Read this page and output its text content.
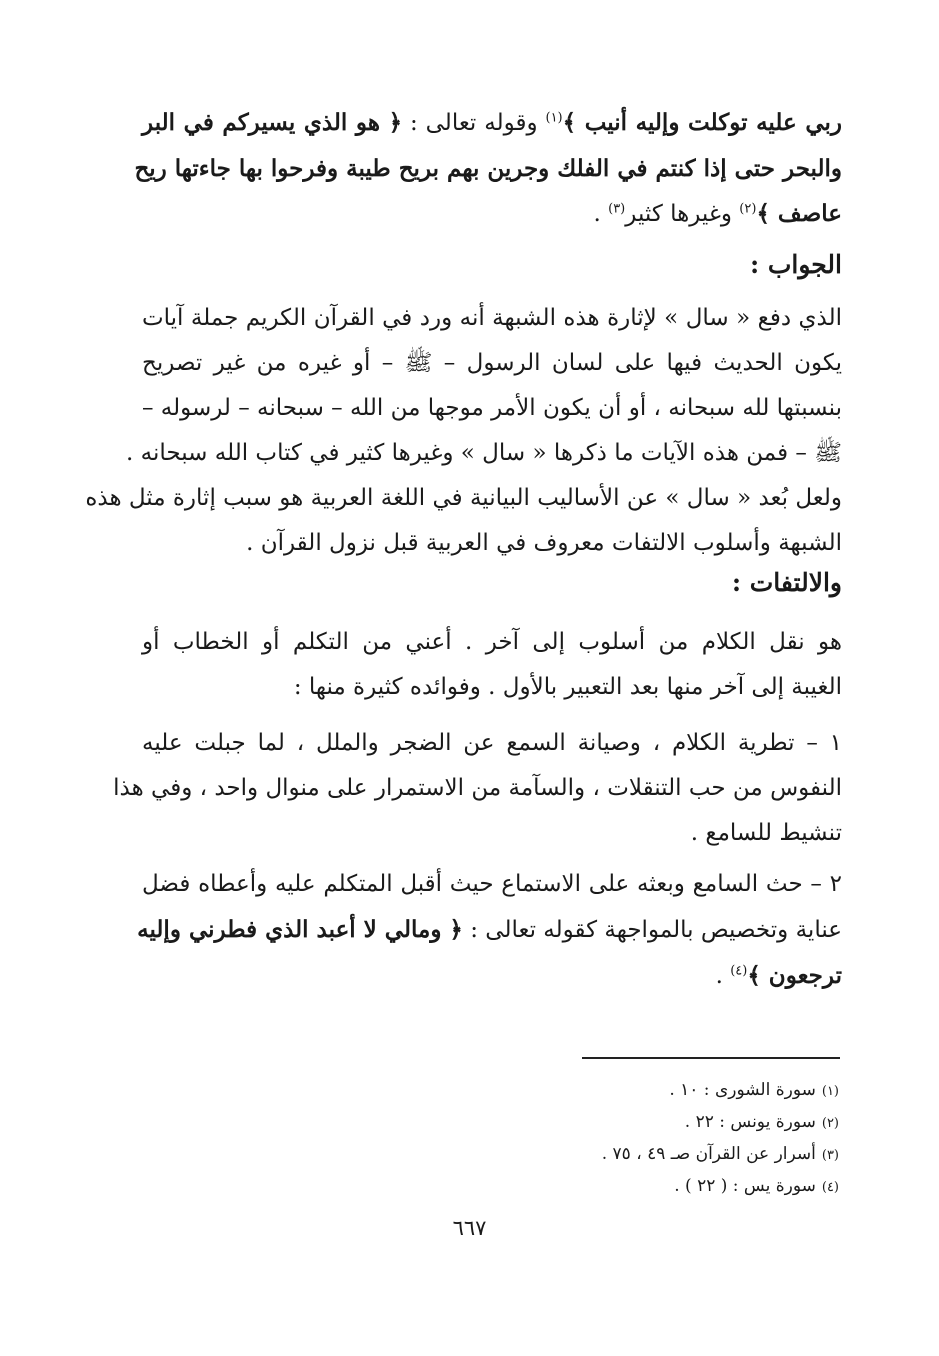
ربي عليه توكلت وإليه أنيب ﴾$^{(١)}$ وقوله تعالى : ﴿ هو الذي يسيركم في البر
والبحر حتى إذا كنتم في الفلك وجرين بهم بريح طيبة وفرحوا بها جاءتها ريح
عاصف ﴾$^{(٢)}$ وغيرها كثير$^{(٣)}$ .
الجواب :
الذي دفع « سال » لإثارة هذه الشبهة أنه ورد في القرآن الكريم جملة آيات
يكون الحديث فيها على لسان الرسول – ﷺ – أو غيره من غير تصريح
بنسبتها لله سبحانه ، أو أن يكون الأمر موجها من الله – سبحانه – لرسوله –
ﷺ – فمن هذه الآيات ما ذكرها « سال » وغيرها كثير في كتاب الله سبحانه .
ولعل بُعد « سال » عن الأساليب البيانية في اللغة العربية هو سبب إثارة مثل هذه
الشبهة وأسلوب الالتفات معروف في العربية قبل نزول القرآن .
والالتفات :
هو نقل الكلام من أسلوب إلى آخر . أعني من التكلم أو الخطاب أو
الغيبة إلى آخر منها بعد التعبير بالأول . وفوائده كثيرة منها :
١ – تطرية الكلام ، وصيانة السمع عن الضجر والملل ، لما جبلت عليه
النفوس من حب التنقلات ، والسآمة من الاستمرار على منوال واحد ، وفي هذا
تنشيط للسامع .
٢ – حث السامع وبعثه على الاستماع حيث أقبل المتكلم عليه وأعطاه فضل
عناية وتخصيص بالمواجهة كقوله تعالى : ﴿ ومالي لا أعبد الذي فطرني وإليه
ترجعون ﴾$^{(٤)}$ .
(١)سورة الشورى : ١٠ .
(٢)سورة يونس : ٢٢ .
(٣)أسرار عن القرآن صـ ٤٩ ، ٧٥ .
(٤)سورة يس : ( ٢٢ ) .
٦٦٧
